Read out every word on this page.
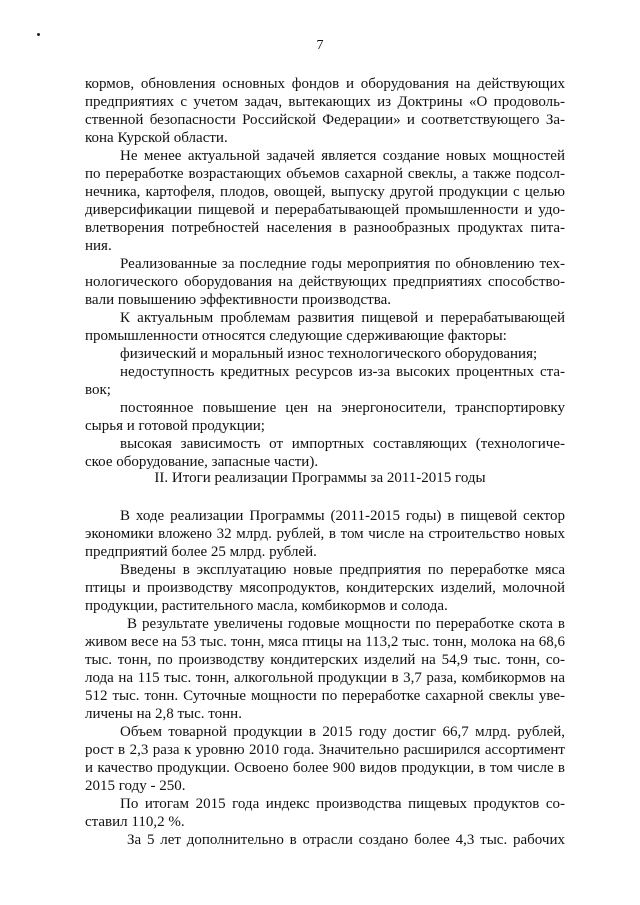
7
кормов, обновления основных фондов и оборудования на действующих
предприятиях с учетом задач, вытекающих из Доктрины «О продоволь-
ственной безопасности Российской Федерации» и соответствующего За-
кона Курской области.
Не менее актуальной задачей является создание новых мощностей
по переработке возрастающих объемов сахарной свеклы, а также подсол-
нечника, картофеля, плодов, овощей, выпуску другой продукции с целью
диверсификации пищевой и перерабатывающей промышленности и удо-
влетворения потребностей населения в разнообразных продуктах пита-
ния.
Реализованные за последние годы мероприятия по обновлению тех-
нологического оборудования на действующих предприятиях способство-
вали повышению эффективности производства.
К актуальным проблемам развития пищевой и перерабатывающей
промышленности относятся следующие сдерживающие факторы:
физический и моральный износ технологического оборудования;
недоступность кредитных ресурсов из-за высоких процентных ста-
вок;
постоянное повышение цен на энергоносители, транспортировку
сырья и готовой продукции;
высокая зависимость от импортных составляющих (технологиче-
ское оборудование, запасные части).
II. Итоги реализации Программы за 2011-2015 годы
В ходе реализации Программы (2011-2015 годы) в пищевой сектор
экономики вложено 32 млрд. рублей, в том числе на строительство новых
предприятий более 25 млрд. рублей.
Введены в эксплуатацию новые предприятия по переработке мяса
птицы и производству мясопродуктов, кондитерских изделий, молочной
продукции, растительного масла, комбикормов и солода.
В результате увеличены годовые мощности по переработке скота в
живом весе на 53 тыс. тонн, мяса птицы на 113,2 тыс. тонн, молока на 68,6
тыс. тонн, по производству кондитерских изделий на 54,9 тыс. тонн, со-
лода на 115 тыс. тонн, алкогольной продукции в 3,7 раза, комбикормов на
512 тыс. тонн. Суточные мощности по переработке сахарной свеклы уве-
личены на 2,8 тыс. тонн.
Объем товарной продукции в 2015 году достиг 66,7 млрд. рублей,
рост в 2,3 раза к уровню 2010 года. Значительно расширился ассортимент
и качество продукции. Освоено более 900 видов продукции, в том числе в
2015 году - 250.
По итогам 2015 года индекс производства пищевых продуктов со-
ставил 110,2 %.
За 5 лет дополнительно в отрасли создано более 4,3 тыс. рабочих
